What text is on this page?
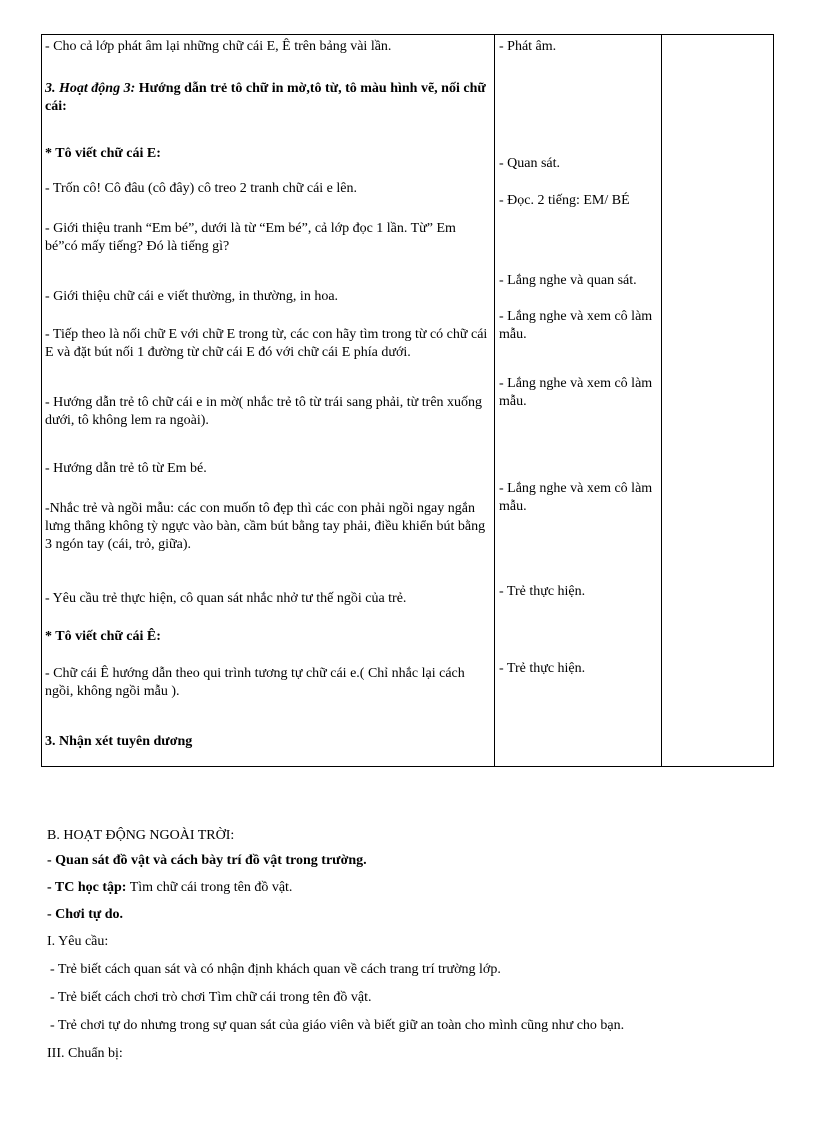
- Cho cả lớp phát âm lại những chữ cái E, Ê trên bảng vài lần.
3. Hoạt động 3: Hướng dẫn trẻ tô chữ in mờ,tô từ, tô màu hình vẽ, nối chữ cái:
* Tô viết chữ cái E:
- Trốn cô! Cô đâu (cô đây) cô treo 2 tranh chữ cái e lên.
- Giới thiệu tranh “Em bé”, dưới là từ “Em bé”, cả lớp đọc 1 lần. Từ” Em bé”có mấy tiếng? Đó là tiếng gì?
- Giới thiệu chữ cái e viết thường, in thường, in hoa.
- Tiếp theo là nối chữ E với chữ E trong từ, các con hãy tìm trong từ có chữ cái E và đặt bút nối 1 đường từ chữ cái E đó với chữ cái E phía dưới.
- Hướng dẫn trẻ tô chữ cái e in mờ( nhắc trẻ tô từ trái sang phải, từ trên xuống dưới, tô không lem ra ngoài).
- Hướng dẫn trẻ tô từ Em bé.
-Nhắc trẻ và ngồi mẫu: các con muốn tô đẹp thì các con phải ngồi ngay ngắn lưng thẳng không tỳ ngực vào bàn, cầm bút bằng tay phải, điều khiển bút bằng 3 ngón tay (cái, trỏ, giữa).
- Yêu cầu trẻ thực hiện, cô quan sát nhắc nhở tư thế ngồi của trẻ.
* Tô viết chữ cái Ê:
- Chữ cái Ê hướng dẫn theo qui trình tương tự chữ cái e.( Chỉ nhắc lại cách ngồi, không ngồi mẫu ).
3. Nhận xét tuyên dương
- Phát âm.
- Quan sát.
- Đọc. 2 tiếng: EM/ BÉ
- Lắng nghe và quan sát.
- Lắng nghe và xem cô làm mẫu.
- Lắng nghe và xem cô làm mẫu.
- Lắng nghe và xem cô làm mẫu.
- Trẻ thực hiện.
- Trẻ thực hiện.
B. HOẠT ĐỘNG NGOÀI TRỜI:
- Quan sát đồ vật và cách bày trí đồ vật trong trường.
- TC học tập: Tìm chữ cái trong tên đồ vật.
- Chơi tự do.
I. Yêu cầu:
- Trẻ biết cách quan sát và có nhận định khách quan về cách trang trí trường lớp.
- Trẻ biết cách chơi trò chơi Tìm chữ cái trong tên đồ vật.
- Trẻ chơi tự do nhưng trong sự quan sát của giáo viên và biết giữ an toàn cho mình cũng như cho bạn.
III. Chuẩn bị:
